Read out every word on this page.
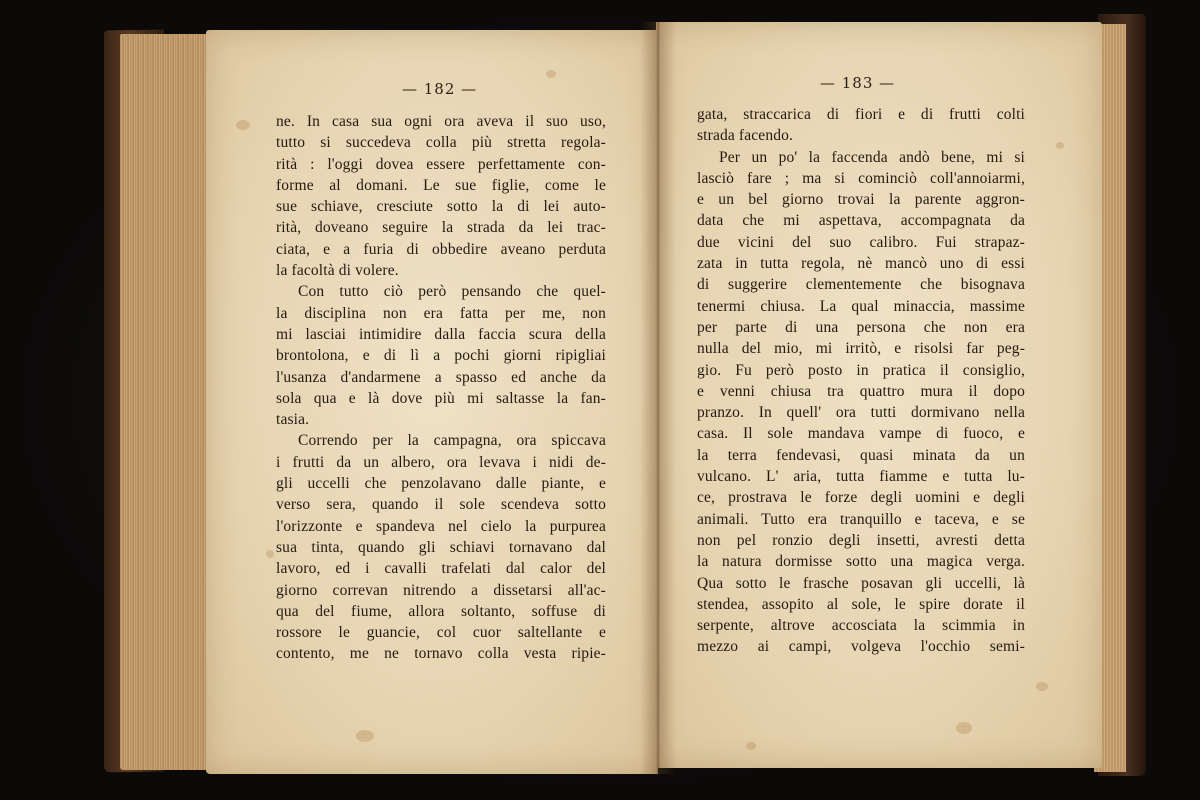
— 182 —
ne. In casa sua ogni ora aveva il suo uso,
tutto si succedeva colla più stretta regola-
rità : l'oggi dovea essere perfettamente con-
forme al domani. Le sue figlie, come le
sue schiave, cresciute sotto la di lei auto-
rità, doveano seguire la strada da lei trac-
ciata, e a furia di obbedire aveano perduta
la facoltà di volere.
Con tutto ciò però pensando che quel-
la disciplina non era fatta per me, non
mi lasciai intimidire dalla faccia scura della
brontolona, e di lì a pochi giorni ripigliai
l'usanza d'andarmene a spasso ed anche da
sola qua e là dove più mi saltasse la fan-
tasia.
Correndo per la campagna, ora spiccava
i frutti da un albero, ora levava i nidi de-
gli uccelli che penzolavano dalle piante, e
verso sera, quando il sole scendeva sotto
l'orizzonte e spandeva nel cielo la purpurea
sua tinta, quando gli schiavi tornavano dal
lavoro, ed i cavalli trafelati dal calor del
giorno correvan nitrendo a dissetarsi all'ac-
qua del fiume, allora soltanto, soffuse di
rossore le guancie, col cuor saltellante e
contento, me ne tornavo colla vesta ripie-
— 183 —
gata, straccarica di fiori e di frutti colti
strada facendo.
Per un po' la faccenda andò bene, mi si
lasciò fare ; ma si cominciò coll'annoiarmi,
e un bel giorno trovai la parente aggron-
data che mi aspettava, accompagnata da
due vicini del suo calibro. Fui strapaz-
zata in tutta regola, nè mancò uno di essi
di suggerire clementemente che bisognava
tenermi chiusa. La qual minaccia, massime
per parte di una persona che non era
nulla del mio, mi irritò, e risolsi far peg-
gio. Fu però posto in pratica il consiglio,
e venni chiusa tra quattro mura il dopo
pranzo. In quell' ora tutti dormivano nella
casa. Il sole mandava vampe di fuoco, e
la terra fendevasi, quasi minata da un
vulcano. L' aria, tutta fiamme e tutta lu-
ce, prostrava le forze degli uomini e degli
animali. Tutto era tranquillo e taceva, e se
non pel ronzio degli insetti, avresti detta
la natura dormisse sotto una magica verga.
Qua sotto le frasche posavan gli uccelli, là
stendea, assopito al sole, le spire dorate il
serpente, altrove accosciata la scimmia in
mezzo ai campi, volgeva l'occhio semi-
